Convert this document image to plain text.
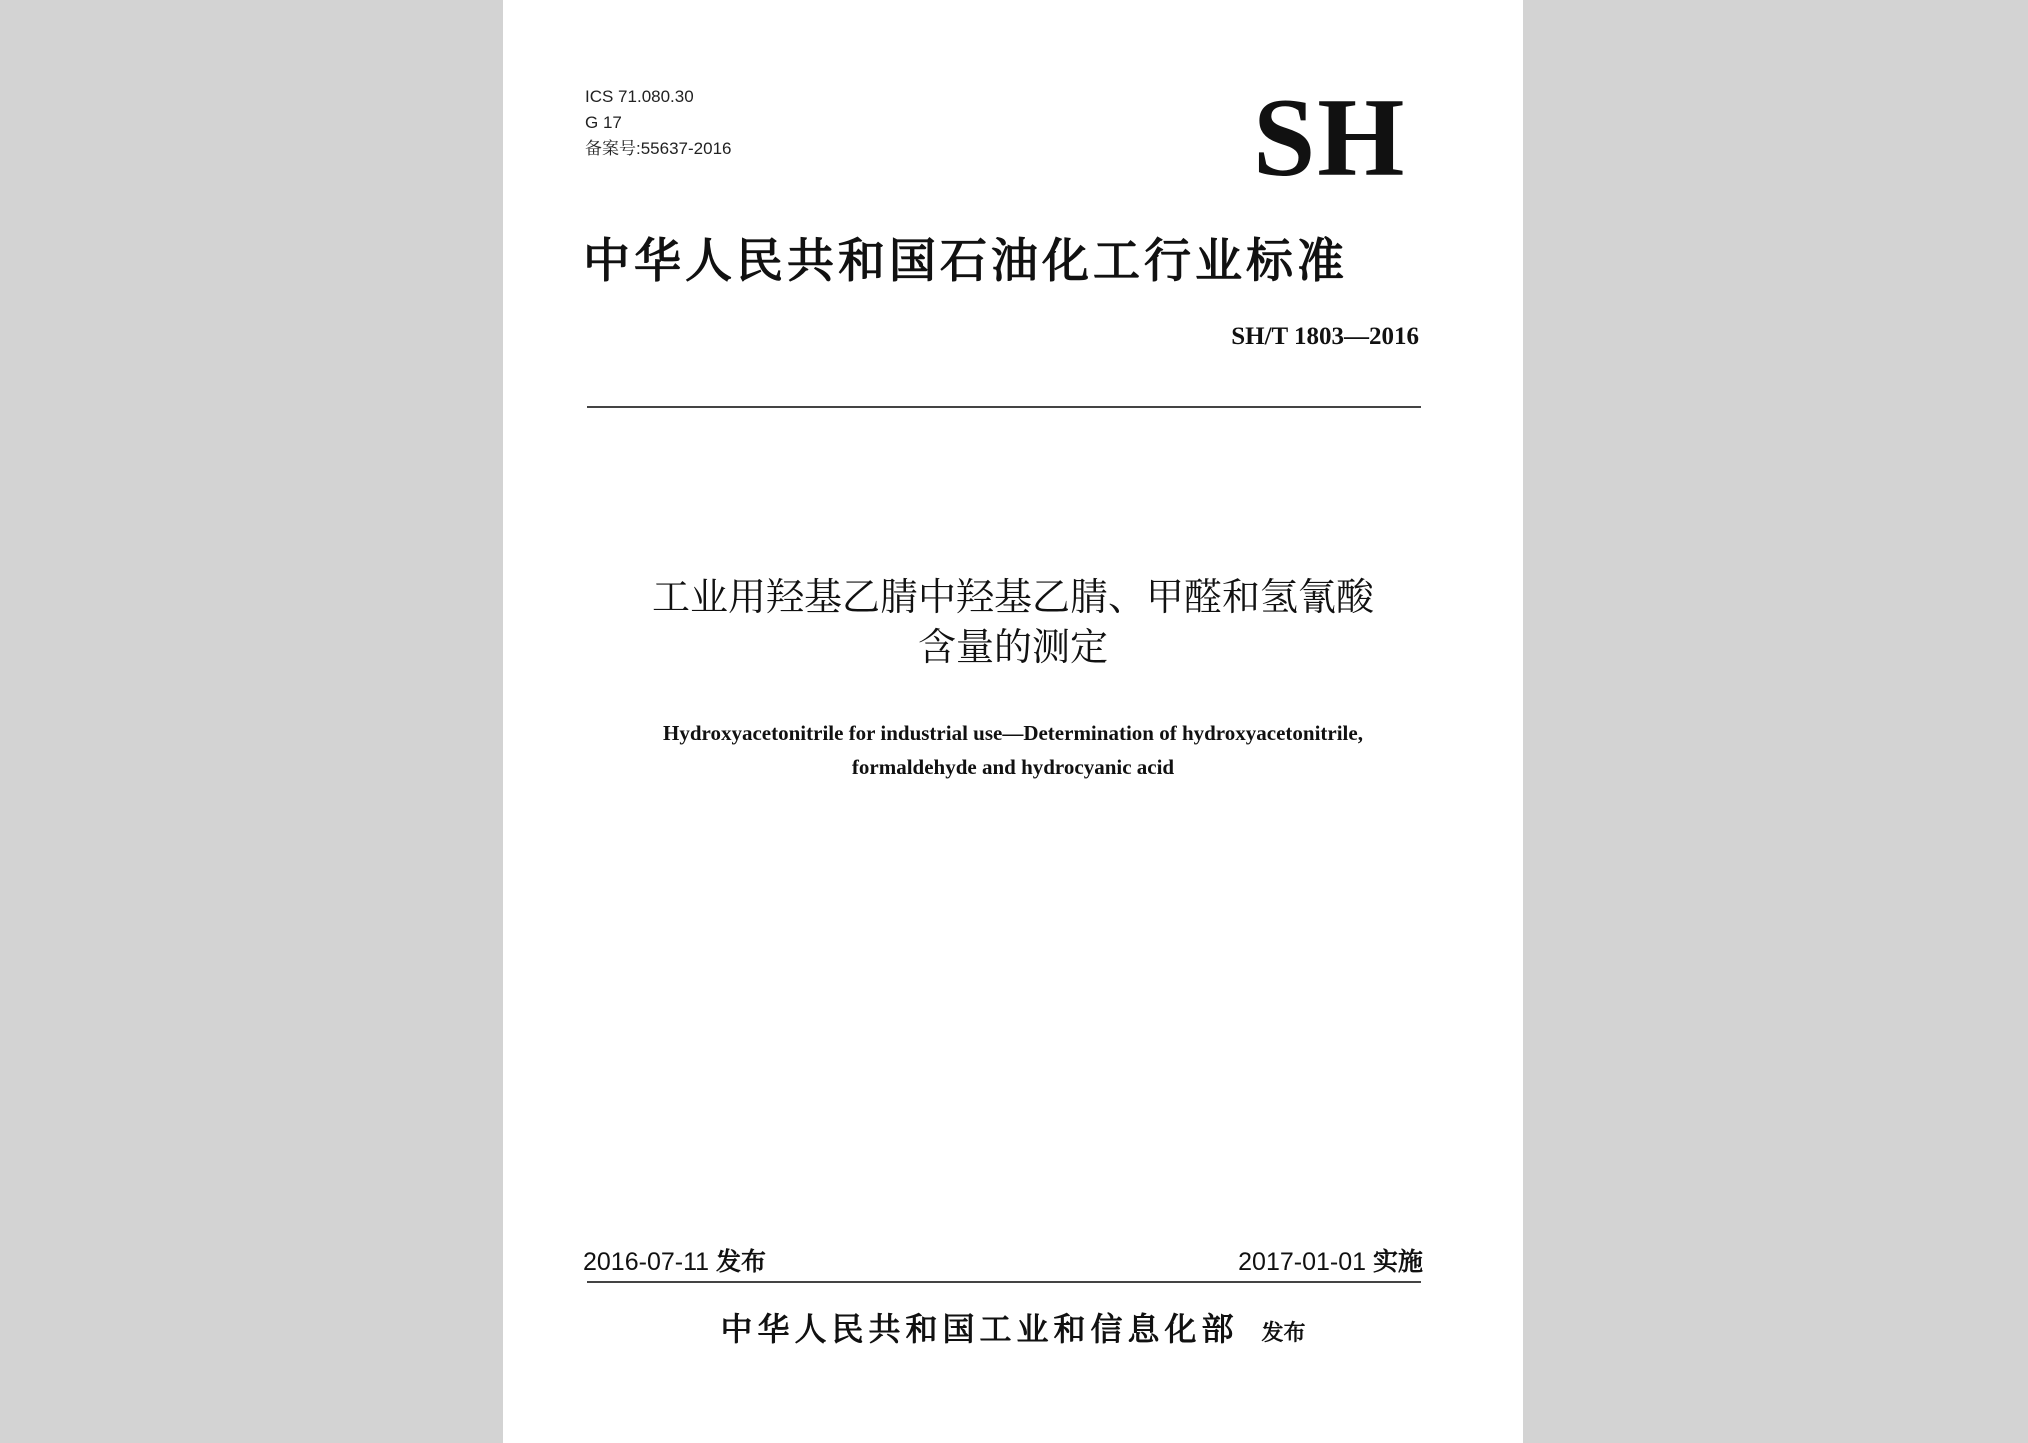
ICS 71.080.30
G 17
备案号:55637-2016	SH
中华人民共和国石油化工行业标准
SH/T 1803—2016
工业用羟基乙腈中羟基乙腈、甲醛和氢氰酸
含量的测定
Hydroxyacetonitrile for industrial use—Determination of hydroxyacetonitrile,
formaldehyde and hydrocyanic acid
2016-07-11 发布	2017-01-01 实施
中华人民共和国工业和信息化部 发布
